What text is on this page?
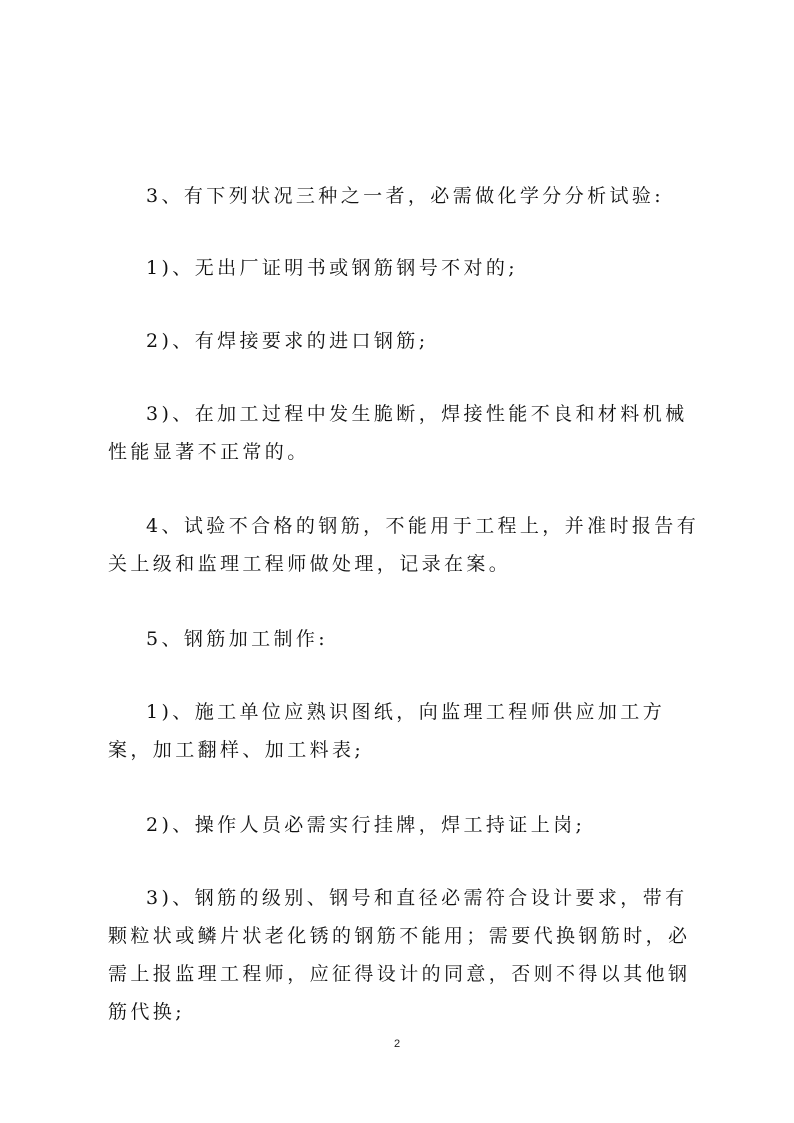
3、有下列状况三种之一者，必需做化学分分析试验:

1)、无出厂证明书或钢筋钢号不对的;

2)、有焊接要求的进口钢筋;

3)、在加工过程中发生脆断，焊接性能不良和材料机械性能显著不正常的。

4、试验不合格的钢筋，不能用于工程上，并准时报告有关上级和监理工程师做处理，记录在案。

5、钢筋加工制作:

1)、施工单位应熟识图纸，向监理工程师供应加工方案，加工翻样、加工料表;

2)、操作人员必需实行挂牌，焊工持证上岗;

3)、钢筋的级别、钢号和直径必需符合设计要求，带有颗粒状或鳞片状老化锈的钢筋不能用；需要代换钢筋时，必需上报监理工程师，应征得设计的同意，否则不得以其他钢筋代换;

2
